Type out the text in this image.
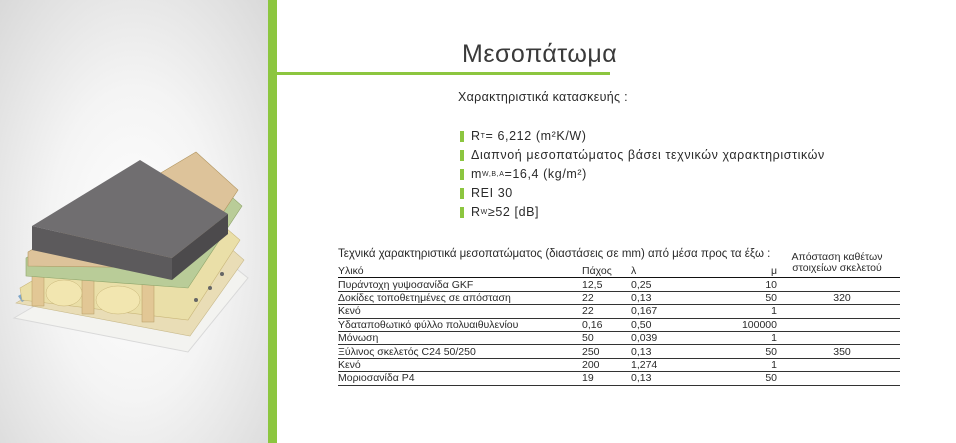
Μεσοπάτωμα
Χαρακτηριστικά κατασκευής :
R T = 6,212 (m²K/W)
Διαπνοή μεσοπατώματος βάσει τεχνικών χαρακτηριστικών
m W,B,A =16,4 (kg/m²)
REI 30
R W ≥52 [dB]
Τεχνικά χαρακτηριστικά μεσοπατώματος (διαστάσεις σε mm) από μέσα προς τα έξω :	Απόσταση καθέτων
στοιχείων σκελετού
Υλικό	Πάχος	λ	μ	
Πυράντοχη γυψοσανίδα GKF	12,5	0,25	10	
Δοκίδες τοποθετημένες σε απόσταση	22	0,13	50	320
Κενό	22	0,167	1	
Υδαταποθωτικό φύλλο πολυαιθυλενίου	0,16	0,50	100000	
Μόνωση	50	0,039	1	
Ξύλινος σκελετός C24 50/250	250	0,13	50	350
Κενό	200	1,274	1	
Μοριοσανίδα P4	19	0,13	50	
